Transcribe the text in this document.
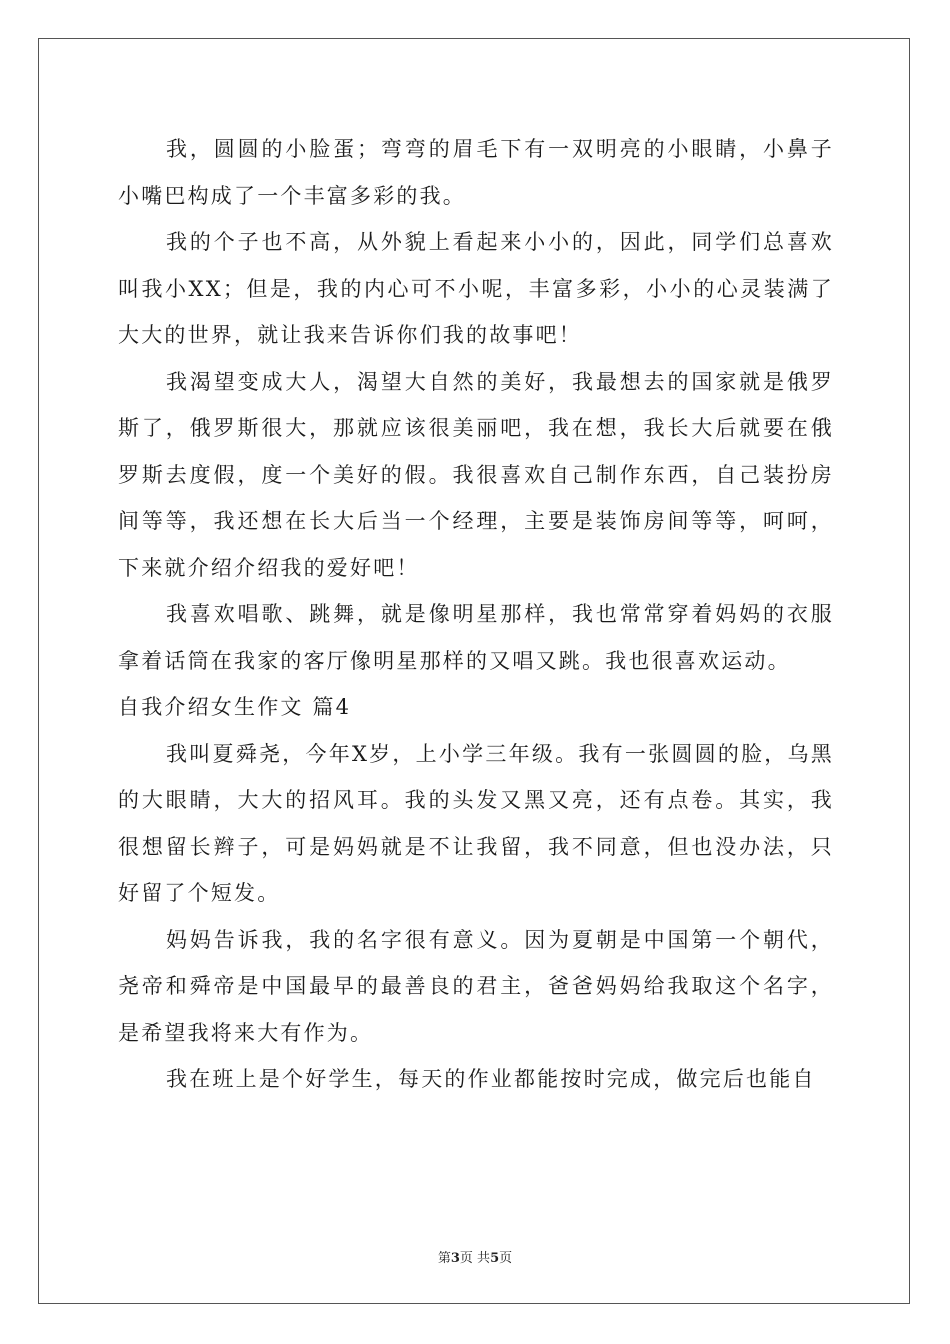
我，圆圆的小脸蛋；弯弯的眉毛下有一双明亮的小眼睛，小鼻子小嘴巴构成了一个丰富多彩的我。

我的个子也不高，从外貌上看起来小小的，因此，同学们总喜欢叫我小XX；但是，我的内心可不小呢，丰富多彩，小小的心灵装满了大大的世界，就让我来告诉你们我的故事吧！

我渴望变成大人，渴望大自然的美好，我最想去的国家就是俄罗斯了，俄罗斯很大，那就应该很美丽吧，我在想，我长大后就要在俄罗斯去度假，度一个美好的假。我很喜欢自己制作东西，自己装扮房间等等，我还想在长大后当一个经理，主要是装饰房间等等，呵呵，下来就介绍介绍我的爱好吧！

我喜欢唱歌、跳舞，就是像明星那样，我也常常穿着妈妈的衣服拿着话筒在我家的客厅像明星那样的又唱又跳。我也很喜欢运动。

自我介绍女生作文 篇4

我叫夏舜尧，今年X岁，上小学三年级。我有一张圆圆的脸，乌黑的大眼睛，大大的招风耳。我的头发又黑又亮，还有点卷。其实，我很想留长辫子，可是妈妈就是不让我留，我不同意，但也没办法，只好留了个短发。

妈妈告诉我，我的名字很有意义。因为夏朝是中国第一个朝代，尧帝和舜帝是中国最早的最善良的君主，爸爸妈妈给我取这个名字，是希望我将来大有作为。

我在班上是个好学生，每天的作业都能按时完成，做完后也能自

第3页 共5页
